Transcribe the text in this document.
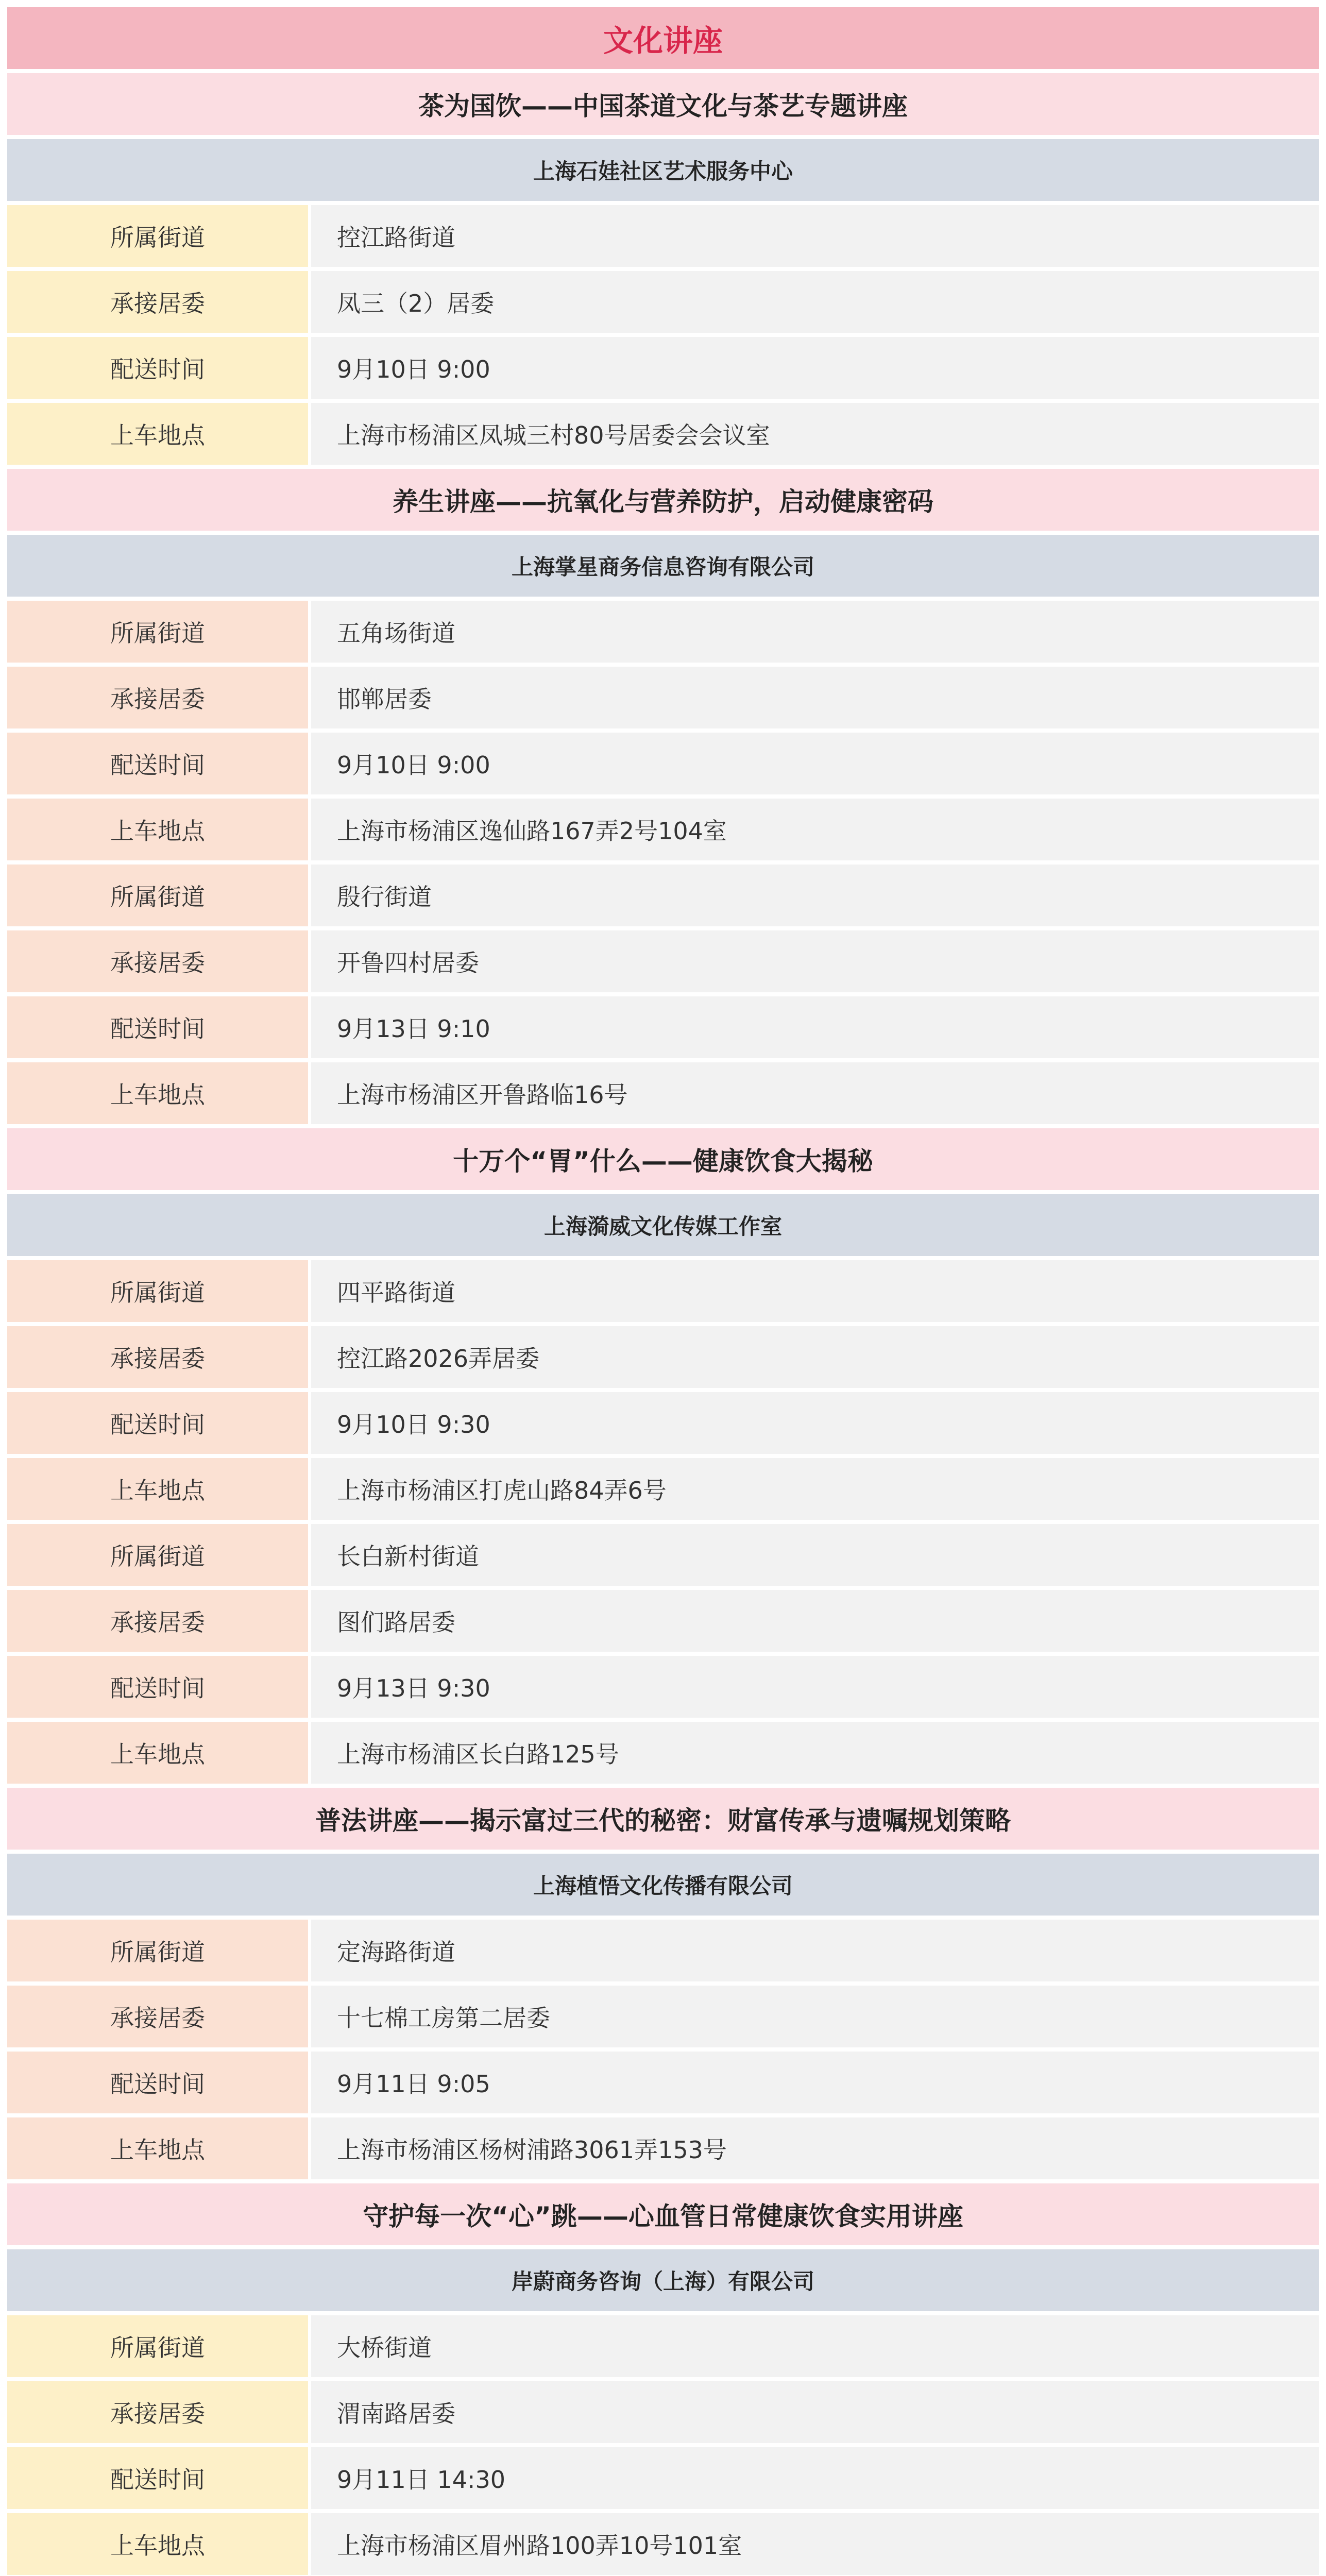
文化讲座
茶为国饮——中国茶道文化与茶艺专题讲座
上海石娃社区艺术服务中心
所属街道	控江路街道
承接居委	凤三（2）居委
配送时间	9月10日 9:00
上车地点	上海市杨浦区凤城三村80号居委会会议室
养生讲座——抗氧化与营养防护，启动健康密码
上海掌星商务信息咨询有限公司
所属街道	五角场街道
承接居委	邯郸居委
配送时间	9月10日 9:00
上车地点	上海市杨浦区逸仙路167弄2号104室
所属街道	殷行街道
承接居委	开鲁四村居委
配送时间	9月13日 9:10
上车地点	上海市杨浦区开鲁路临16号
十万个“胃”什么——健康饮食大揭秘
上海漪威文化传媒工作室
所属街道	四平路街道
承接居委	控江路2026弄居委
配送时间	9月10日 9:30
上车地点	上海市杨浦区打虎山路84弄6号
所属街道	长白新村街道
承接居委	图们路居委
配送时间	9月13日 9:30
上车地点	上海市杨浦区长白路125号
普法讲座——揭示富过三代的秘密：财富传承与遗嘱规划策略
上海植悟文化传播有限公司
所属街道	定海路街道
承接居委	十七棉工房第二居委
配送时间	9月11日 9:05
上车地点	上海市杨浦区杨树浦路3061弄153号
守护每一次“心”跳——心血管日常健康饮食实用讲座
岸蔚商务咨询（上海）有限公司
所属街道	大桥街道
承接居委	渭南路居委
配送时间	9月11日 14:30
上车地点	上海市杨浦区眉州路100弄10号101室
